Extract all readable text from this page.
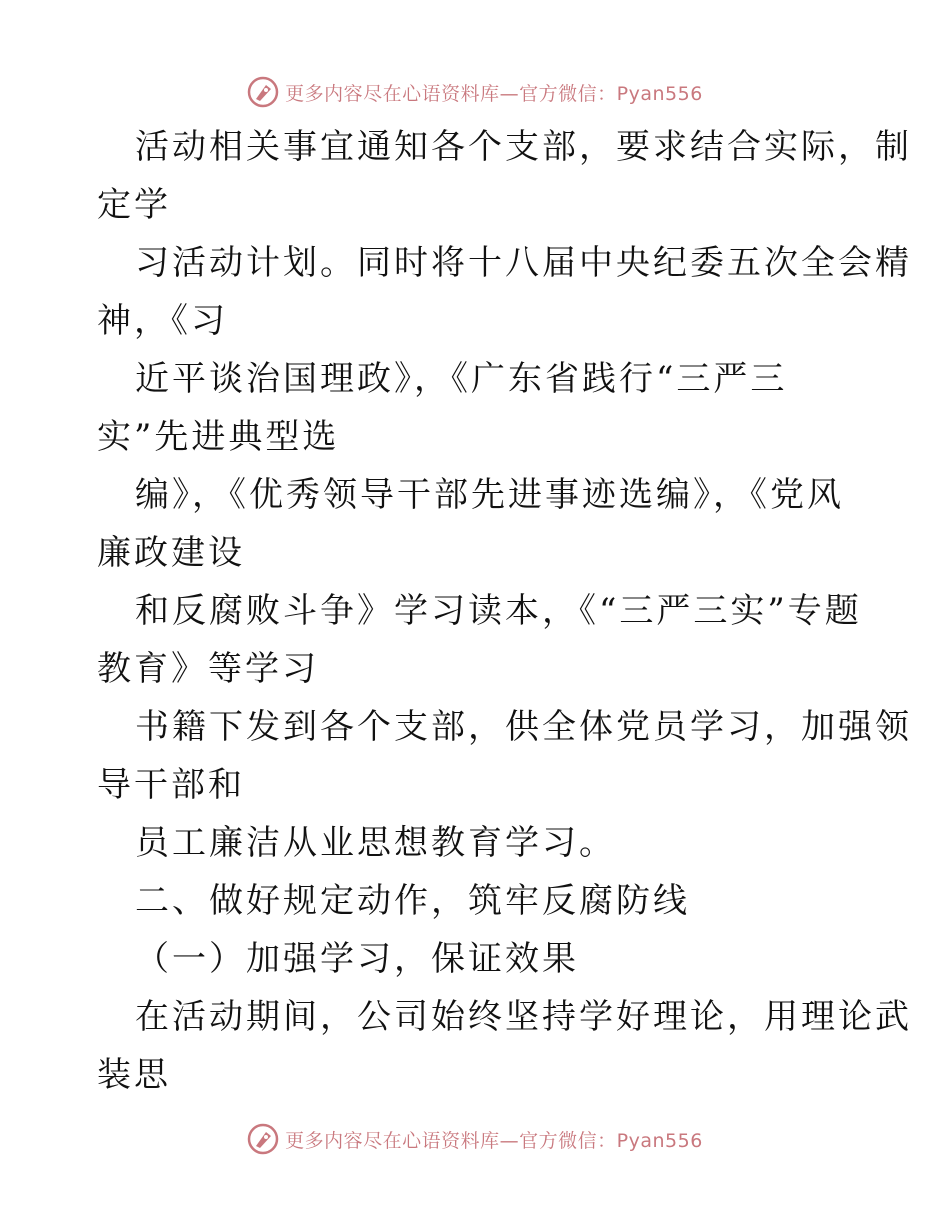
更多内容尽在心语资料库—官方微信：Pyan556
活动相关事宜通知各个支部，要求结合实际，制
定学
习活动计划。同时将十八届中央纪委五次全会精
神，《习
近平谈治国理政》，《广东省践行“三严三
实”先进典型选
编》，《优秀领导干部先进事迹选编》，《党风
廉政建设
和反腐败斗争》学习读本，《“三严三实”专题
教育》等学习
书籍下发到各个支部，供全体党员学习，加强领
导干部和
员工廉洁从业思想教育学习。
二、做好规定动作，筑牢反腐防线
（一）加强学习，保证效果
在活动期间，公司始终坚持学好理论，用理论武
装思
更多内容尽在心语资料库—官方微信：Pyan556
